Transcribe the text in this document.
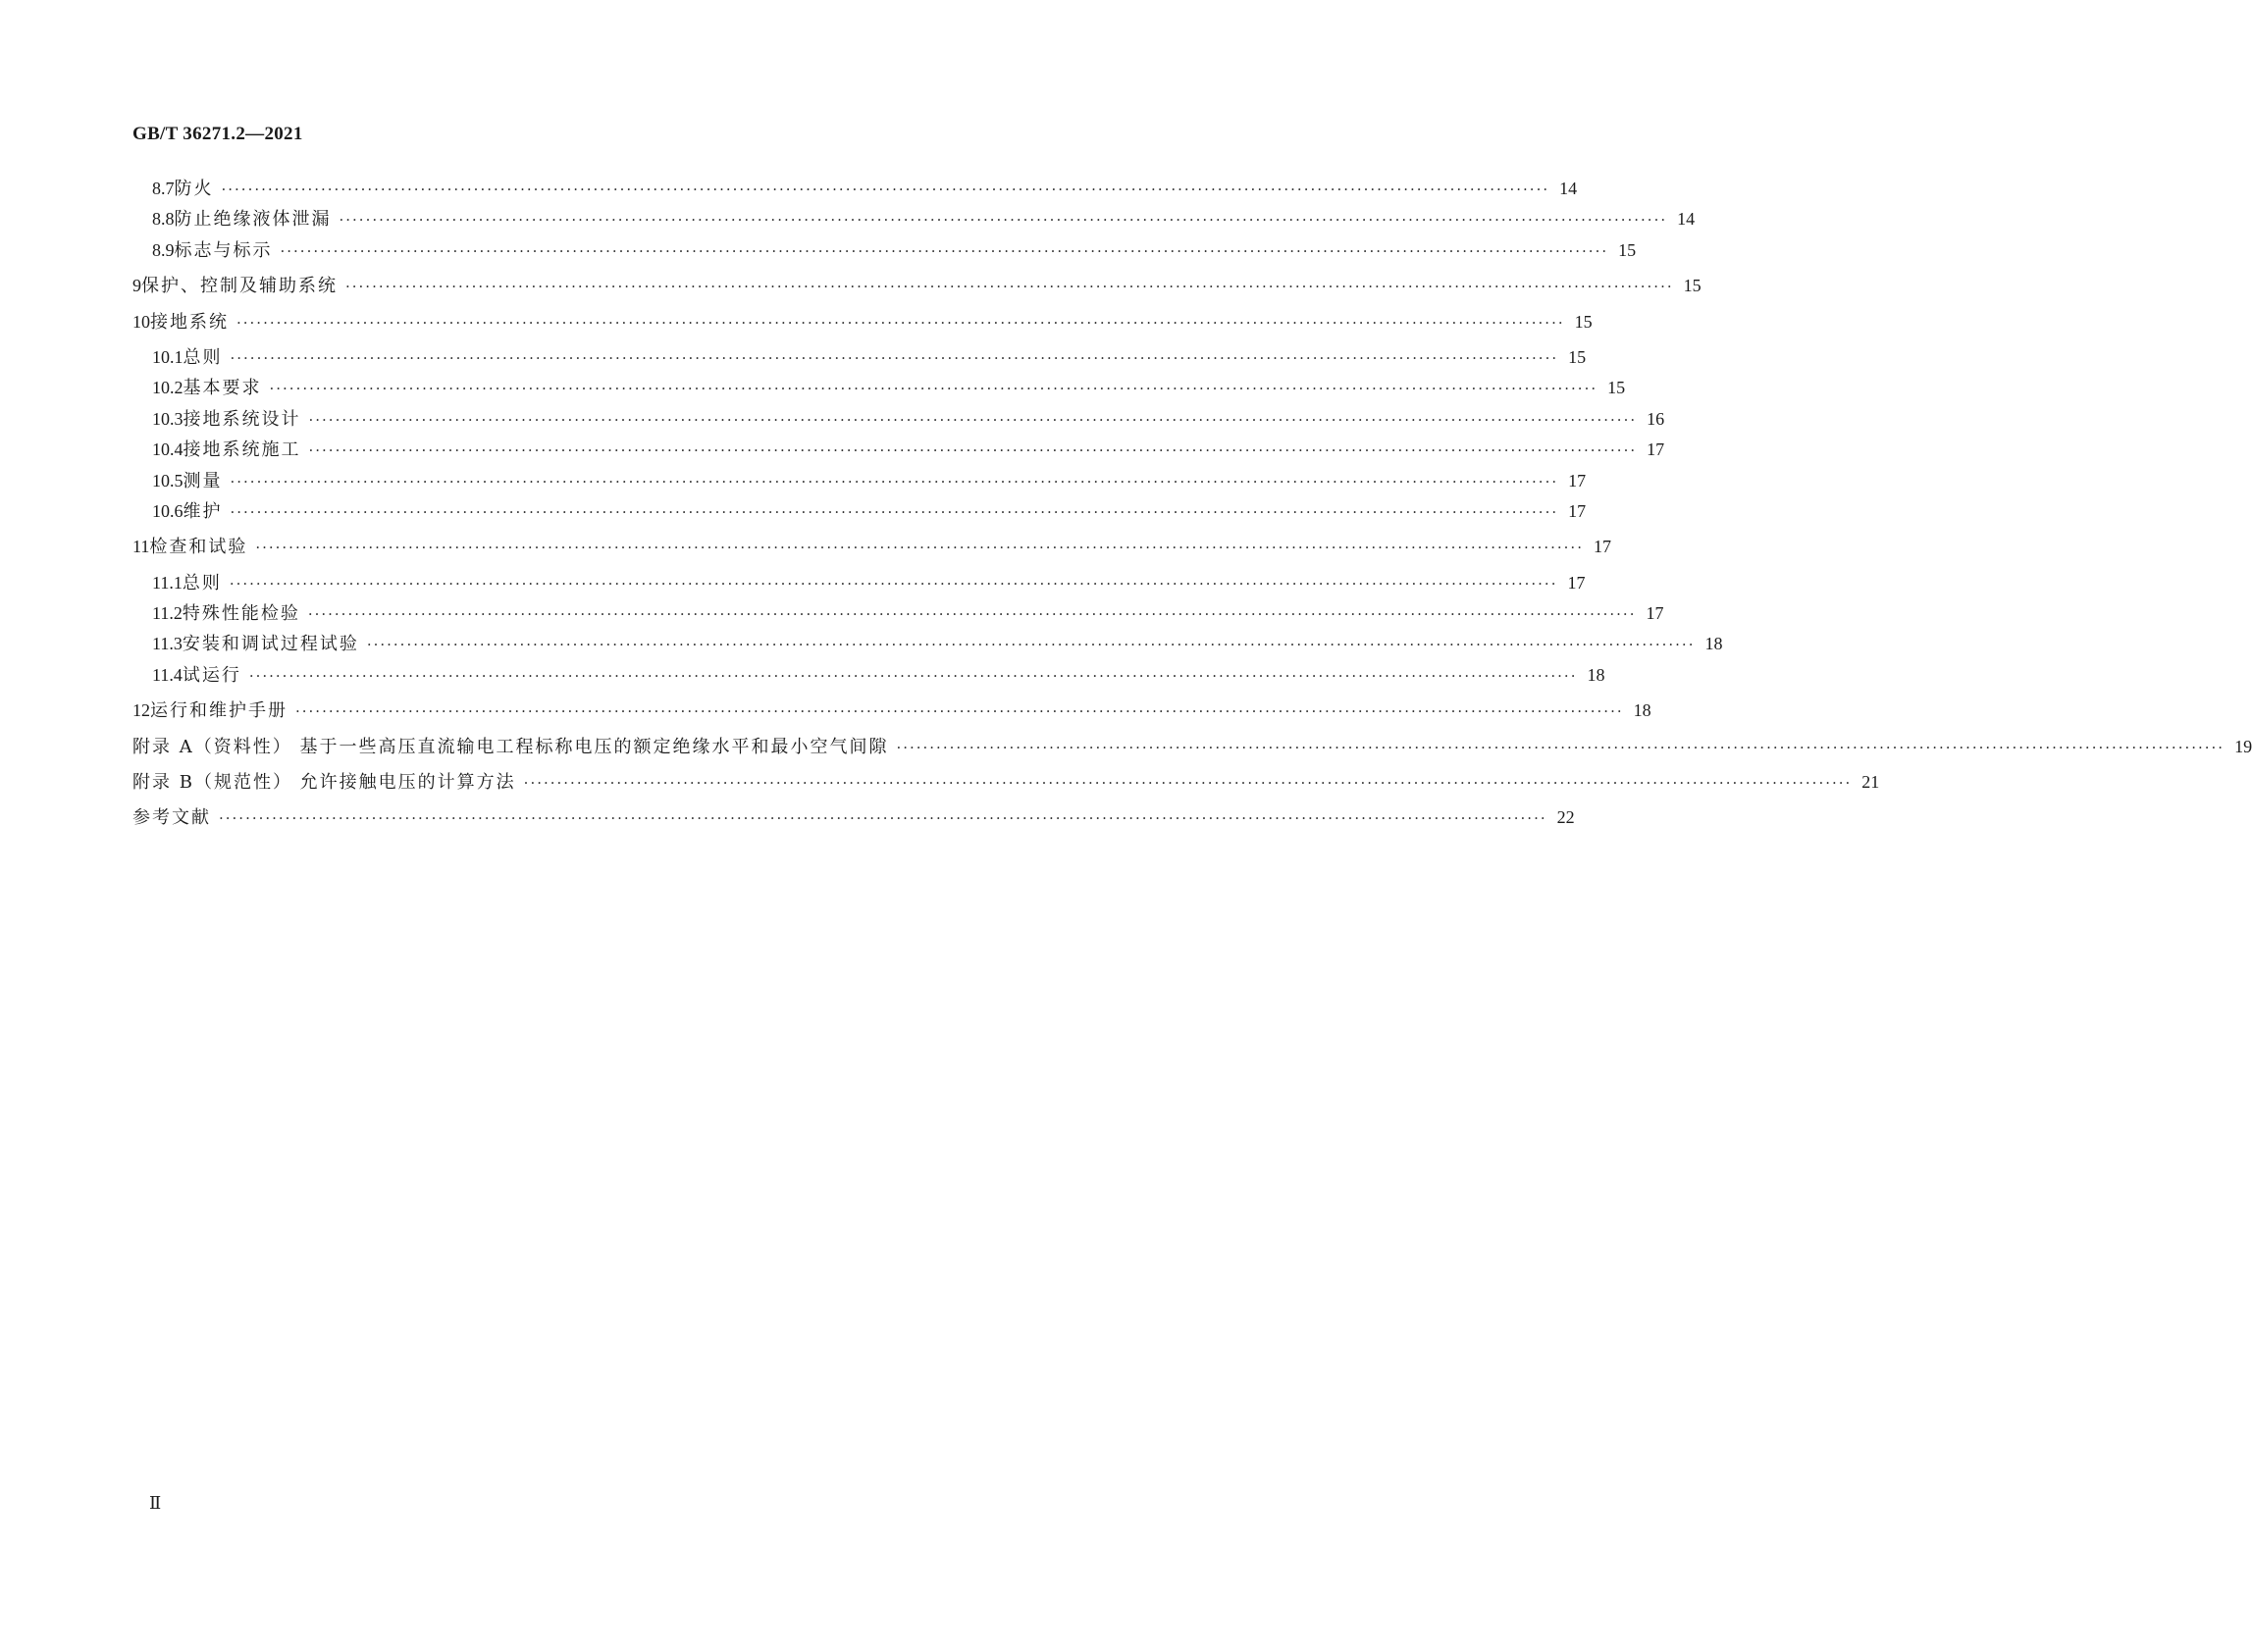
GB/T 36271.2—2021
8.7 防火 ········································································································································································································ 14
8.8 防止绝缘液体泄漏 ········································································································································································································ 14
8.9 标志与标示 ········································································································································································································ 15
9 保护、控制及辅助系统 ········································································································································································································ 15
10 接地系统 ········································································································································································································ 15
10.1 总则 ········································································································································································································ 15
10.2 基本要求 ········································································································································································································ 15
10.3 接地系统设计 ········································································································································································································ 16
10.4 接地系统施工 ········································································································································································································ 17
10.5 测量 ········································································································································································································ 17
10.6 维护 ········································································································································································································ 17
11 检查和试验 ········································································································································································································ 17
11.1 总则 ········································································································································································································ 17
11.2 特殊性能检验 ········································································································································································································ 17
11.3 安装和调试过程试验 ········································································································································································································ 18
11.4 试运行 ········································································································································································································ 18
12 运行和维护手册 ········································································································································································································ 18
附录 A（资料性） 基于一些高压直流输电工程标称电压的额定绝缘水平和最小空气间隙 ········································································································································································································ 19
附录 B（规范性） 允许接触电压的计算方法 ········································································································································································································ 21
参考文献 ········································································································································································································ 22
Ⅱ
